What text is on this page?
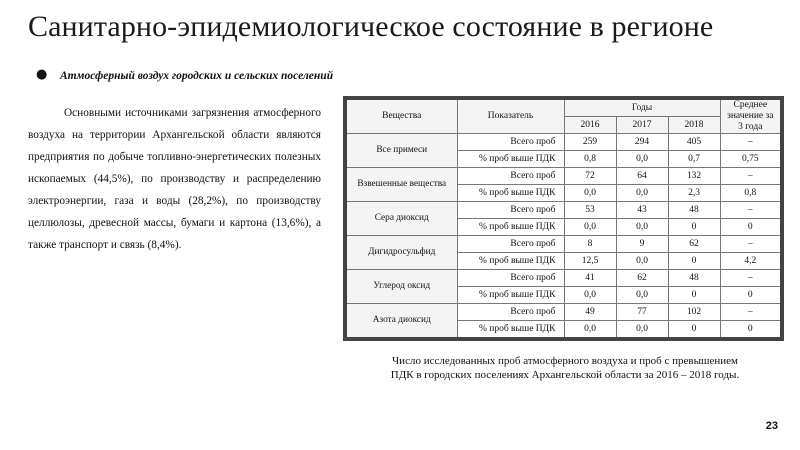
Санитарно-эпидемиологическое состояние в регионе
● Атмосферный воздух городских и сельских поселений

Основными источниками загрязнения атмосферного воздуха на территории Архангельской области являются предприятия по добыче топливно-энергетических полезных ископаемых (44,5%), по производству и распределению электроэнергии, газа и воды (28,2%), по производству целлюлозы, древесной массы, бумаги и картона (13,6%), а также транспорт и связь (8,4%).

Вещества	Показатель	Годы			Среднее значение за 3 года
		2016	2017	2018	
Все примеси	Всего проб	259	294	405	–
	% проб выше ПДК	0,8	0,0	0,7	0,75
Взвешенные вещества	Всего проб	72	64	132	–
	% проб выше ПДК	0,0	0,0	2,3	0,8
Сера диоксид	Всего проб	53	43	48	–
	% проб выше ПДК	0,0	0,0	0	0
Дигидросульфид	Всего проб	8	9	62	–
	% проб выше ПДК	12,5	0,0	0	4,2
Углерод оксид	Всего проб	41	62	48	–
	% проб выше ПДК	0,0	0,0	0	0
Азота диоксид	Всего проб	49	77	102	–
	% проб выше ПДК	0,0	0,0	0	0
Число исследованных проб атмосферного воздуха и проб с превышением ПДК в городских поселениях Архангельской области за 2016 – 2018 годы.
23
